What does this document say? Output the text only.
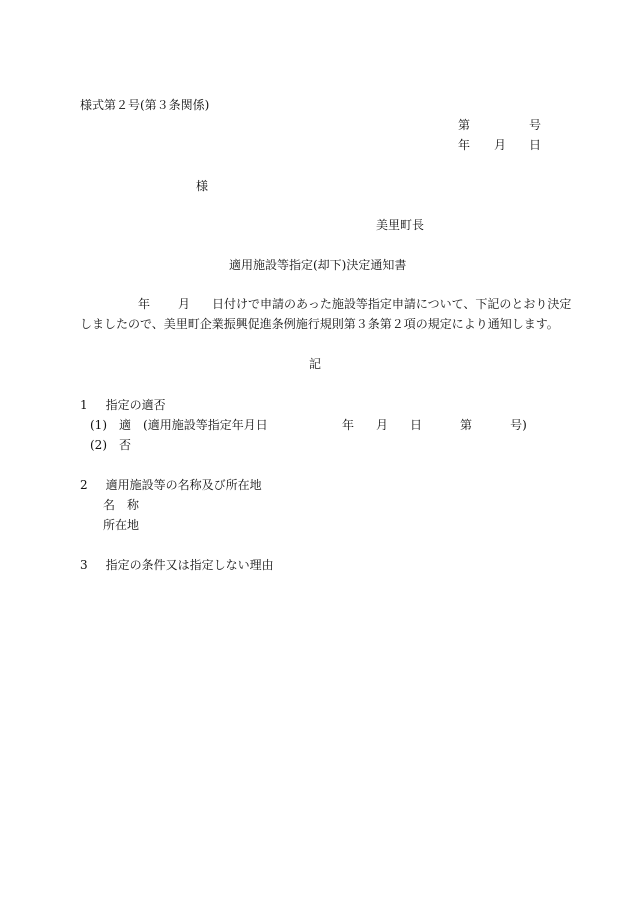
様式第２号(第３条関係)
第	号
年 月 日
様
美里町長
適用施設等指定(却下)決定通知書
年 月 日付けで申請のあった施設等指定申請について、下記のとおり決定
しましたので、美里町企業振興促進条例施行規則第３条第２項の規定により通知します。
記
1 指定の適否
(1) 適 (適用施設等指定年月日	年 月 日	第	号)
(2) 否
2 適用施設等の名称及び所在地
名　称
所在地
3 指定の条件又は指定しない理由
